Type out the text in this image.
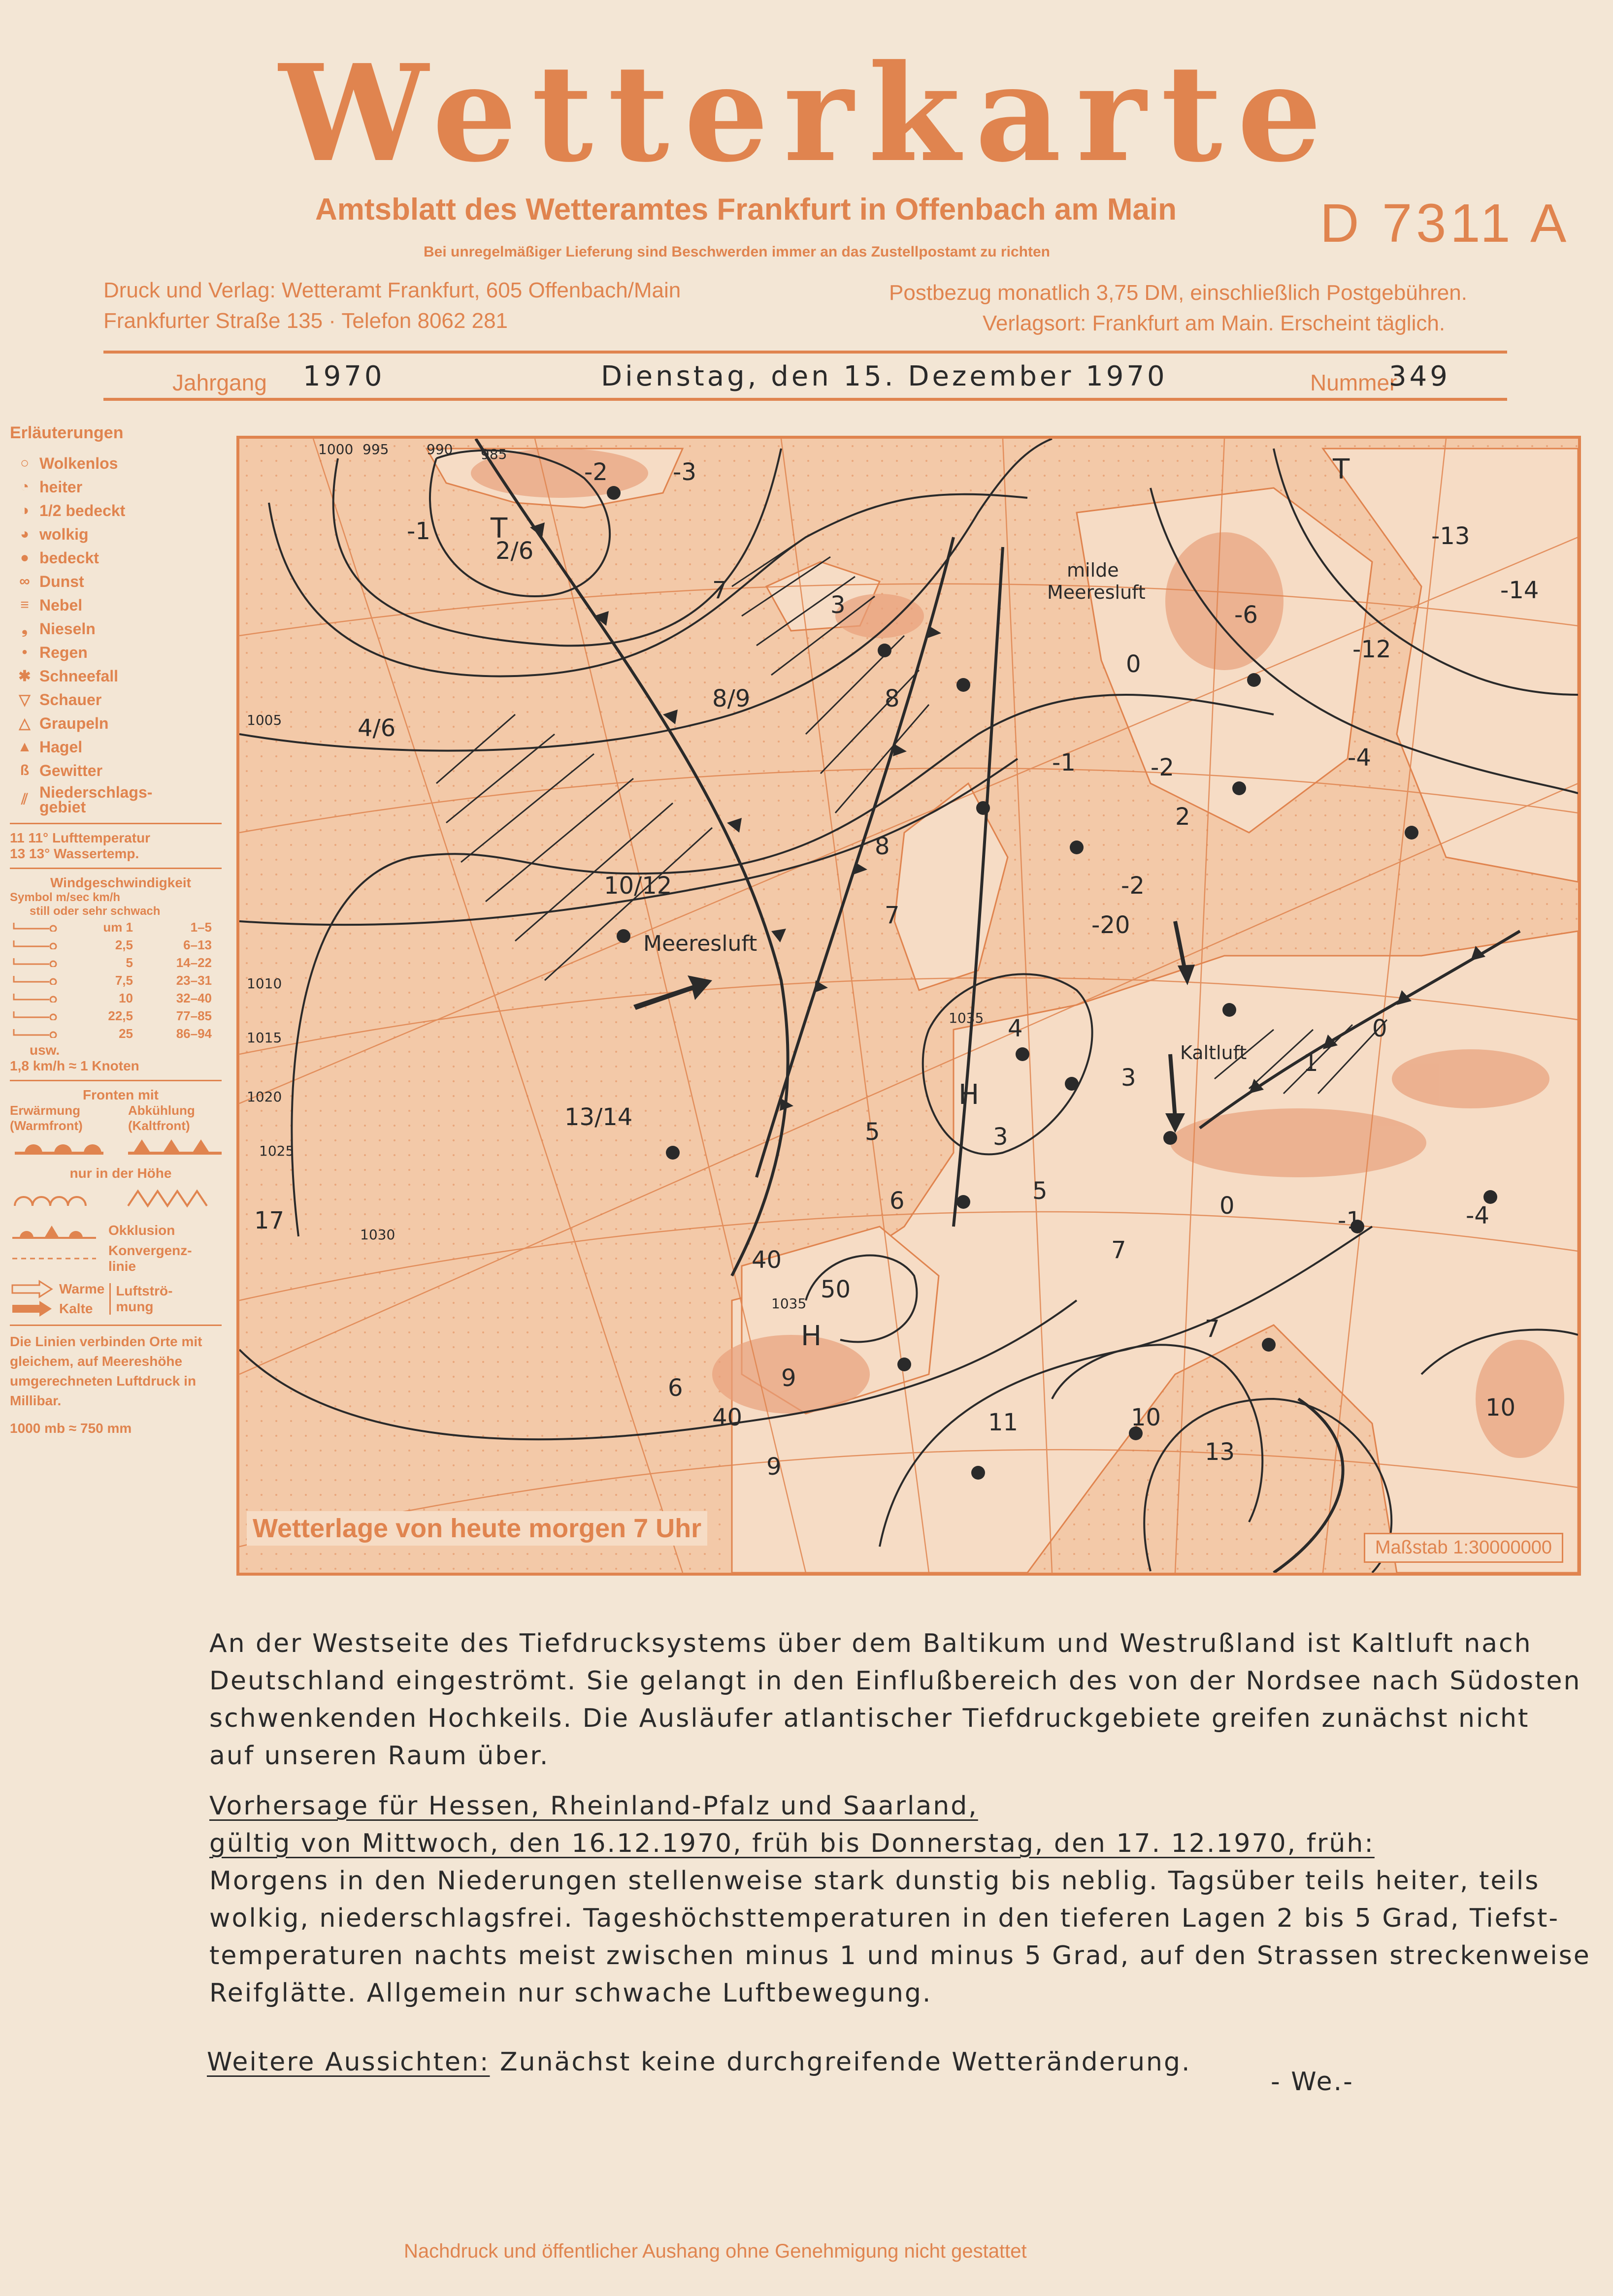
Wetterkarte
Amtsblatt des Wetteramtes Frankfurt in Offenbach am Main	D 7311 A
Bei unregelmäßiger Lieferung sind Beschwerden immer an das Zustellpostamt zu richten
Druck und Verlag: Wetteramt Frankfurt, 605 Offenbach/Main
Frankfurter Straße 135 · Telefon 8062 281
Postbezug monatlich 3,75 DM, einschließlich Postgebühren.
Verlagsort: Frankfurt am Main. Erscheint täglich.
Jahrgang 1970	Dienstag, den 15. Dezember 1970	Nummer
349
Erläuterungen
○ Wolkenlos
◔ heiter
◑ 1/2 bedeckt
◕ wolkig
● bedeckt
∞ Dunst
≡ Nebel
❟ Nieseln
• Regen
✱ Schneefall
▽ Schauer
△ Graupeln
▲ Hagel
ß Gewitter
⫽ Niederschlags-gebiet
11 11° Lufttemperatur
13 13° Wassertemp.
Windgeschwindigkeit
Symbol m/sec km/h
still oder sehr schwach
um 1	1–5
2,5	6–13
5	14–22
7,5	23–31
10	32–40
22,5	77–85
25	86–94
usw.
1,8 km/h ≈ 1 Knoten
Fronten mit
Erwärmung (Warmfront)
Abkühlung (Kaltfront)
nur in der Höhe
Okklusion
Konvergenz-linie
Warme
Kalte
Luftströ-mung
Die Linien verbinden Orte mit gleichem, auf Meereshöhe umgerechneten Luftdruck in Millibar.
1000 mb ≈ 750 mm
Meeresluft
milde
Meeresluft
Kaltluft
H
H
T
T
1035
1035
1030
1025
1020
1015
1010
1005
1000 995	990 985
-2	-3
-1
2/6
7
3	-6
-13
-14
-12
-4
0
8/9	8
-1	-2
2
4/6
10/12
13/14
17
8
7
4
3
5	3
6	5
7
0
-1	-4
40
50
40
6
7
9
9
11	10
13
10
1
-2
-20
0
Wetterlage von heute morgen 7 Uhr
Maßstab 1:30000000
An der Westseite des Tiefdrucksystems über dem Baltikum und Westrußland ist Kaltluft nach
Deutschland eingeströmt. Sie gelangt in den Einflußbereich des von der Nordsee nach Südosten
schwenkenden Hochkeils. Die Ausläufer atlantischer Tiefdruckgebiete greifen zunächst nicht
auf unseren Raum über.
Vorhersage für Hessen, Rheinland-Pfalz und Saarland,
gültig von Mittwoch, den 16.12.1970, früh bis Donnerstag, den 17. 12.1970, früh:
Morgens in den Niederungen stellenweise stark dunstig bis neblig. Tagsüber teils heiter, teils
wolkig, niederschlagsfrei. Tageshöchsttemperaturen in den tieferen Lagen 2 bis 5 Grad, Tiefst-
temperaturen nachts meist zwischen minus 1 und minus 5 Grad, auf den Strassen streckenweise
Reifglätte. Allgemein nur schwache Luftbewegung.
Weitere Aussichten: Zunächst keine durchgreifende Wetteränderung.
- We.-
Nachdruck und öffentlicher Aushang ohne Genehmigung nicht gestattet
